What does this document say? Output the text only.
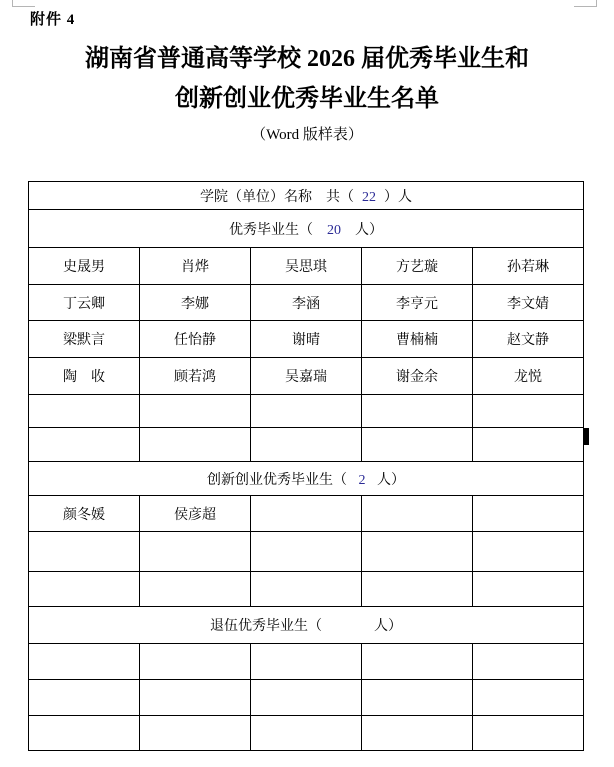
附件 4
湖南省普通高等学校 2026 届优秀毕业生和
创新创业优秀毕业生名单
（Word 版样表）
学院（单位）名称　共（ 22 ）人				
优秀毕业生（ 20 人）				
史晟男	肖烨	吴思琪	方艺璇	孙若琳
丁云卿	李娜	李涵	李亨元	李文婧
梁默言	任怡静	谢晴	曹楠楠	赵文静
陶　收	顾若鸿	吴嘉瑞	谢金余	龙悦

创新创业优秀毕业生（ 2 人）				
颜冬媛	侯彦超			

退伍优秀毕业生（ 人）				
